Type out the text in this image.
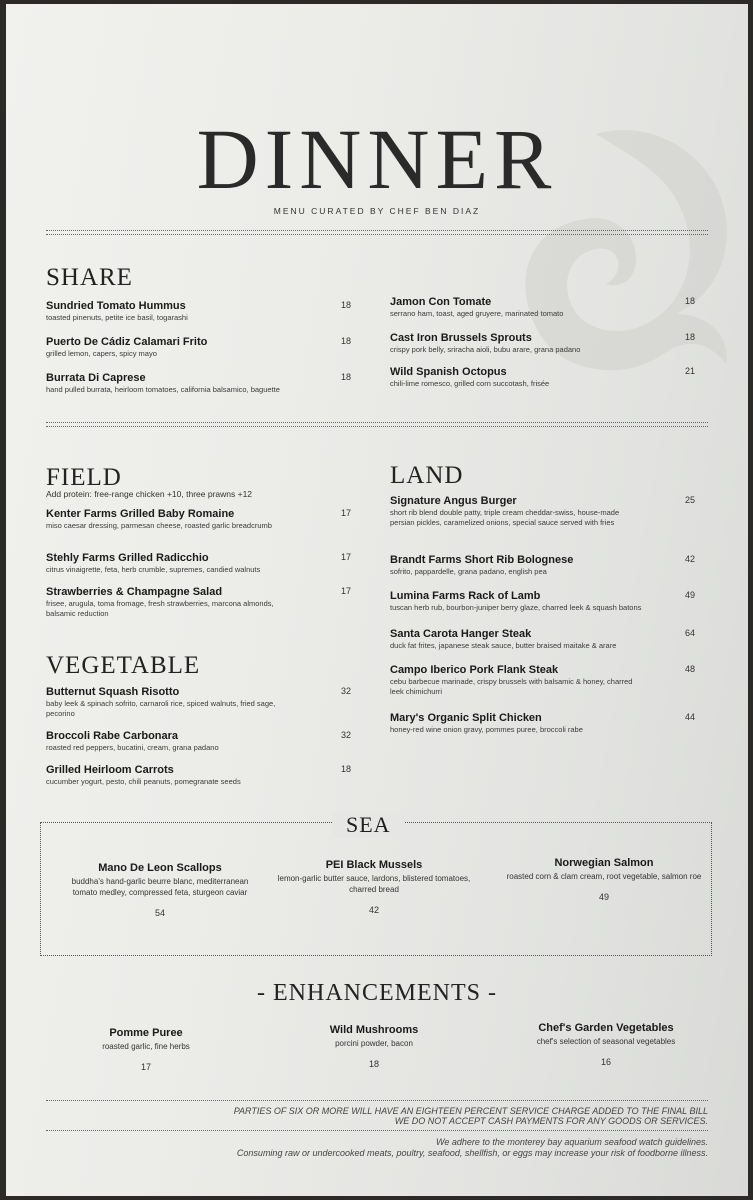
DINNER
MENU CURATED BY CHEF BEN DIAZ
SHARE
Sundried Tomato Hummus
toasted pinenuts, petite ice basil, togarashi
18
Puerto De Cádiz Calamari Frito
grilled lemon, capers, spicy mayo
18
Burrata Di Caprese
hand pulled burrata, heirloom tomatoes, california balsamico, baguette
18
Jamon Con Tomate
serrano ham, toast, aged gruyere, marinated tomato
18
Cast Iron Brussels Sprouts
crispy pork belly, sriracha aioli, bubu arare, grana padano
18
Wild Spanish Octopus
chili-lime romesco, grilled corn succotash, frisée
21
FIELD
Add protein: free-range chicken +10, three prawns +12
Kenter Farms Grilled Baby Romaine
miso caesar dressing, parmesan cheese, roasted garlic breadcrumb
17
Stehly Farms Grilled Radicchio
citrus vinaigrette, feta, herb crumble, supremes, candied walnuts
17
Strawberries & Champagne Salad
frisee, arugula, toma fromage, fresh strawberries, marcona almonds, balsamic reduction
17
VEGETABLE
Butternut Squash Risotto
baby leek & spinach sofrito, carnaroli rice, spiced walnuts, fried sage, pecorino
32
Broccoli Rabe Carbonara
roasted red peppers, bucatini, cream, grana padano
32
Grilled Heirloom Carrots
cucumber yogurt, pesto, chili peanuts, pomegranate seeds
18
LAND
Signature Angus Burger
short rib blend double patty, triple cream cheddar-swiss, house-made persian pickles, caramelized onions, special sauce served with fries
25
Brandt Farms Short Rib Bolognese
sofrito, pappardelle, grana padano, english pea
42
Lumina Farms Rack of Lamb
tuscan herb rub, bourbon-juniper berry glaze, charred leek & squash batons
49
Santa Carota Hanger Steak
duck fat frites, japanese steak sauce, butter braised maitake & arare
64
Campo Iberico Pork Flank Steak
cebu barbecue marinade, crispy brussels with balsamic & honey, charred leek chimichurri
48
Mary's Organic Split Chicken
honey-red wine onion gravy, pommes puree, broccoli rabe
44
SEA
Mano De Leon Scallops
buddha's hand-garlic beurre blanc, mediterranean tomato medley, compressed feta, sturgeon caviar
54
PEI Black Mussels
lemon-garlic butter sauce, lardons, blistered tomatoes, charred bread
42
Norwegian Salmon
roasted corn & clam cream, root vegetable, salmon roe
49
- ENHANCEMENTS -
Pomme Puree
roasted garlic, fine herbs
17
Wild Mushrooms
porcini powder, bacon
18
Chef's Garden Vegetables
chef's selection of seasonal vegetables
16
PARTIES OF SIX OR MORE WILL HAVE AN EIGHTEEN PERCENT SERVICE CHARGE ADDED TO THE FINAL BILL
WE DO NOT ACCEPT CASH PAYMENTS FOR ANY GOODS OR SERVICES.
We adhere to the monterey bay aquarium seafood watch guidelines.
Consuming raw or undercooked meats, poultry, seafood, shellfish, or eggs may increase your risk of foodborne illness.
